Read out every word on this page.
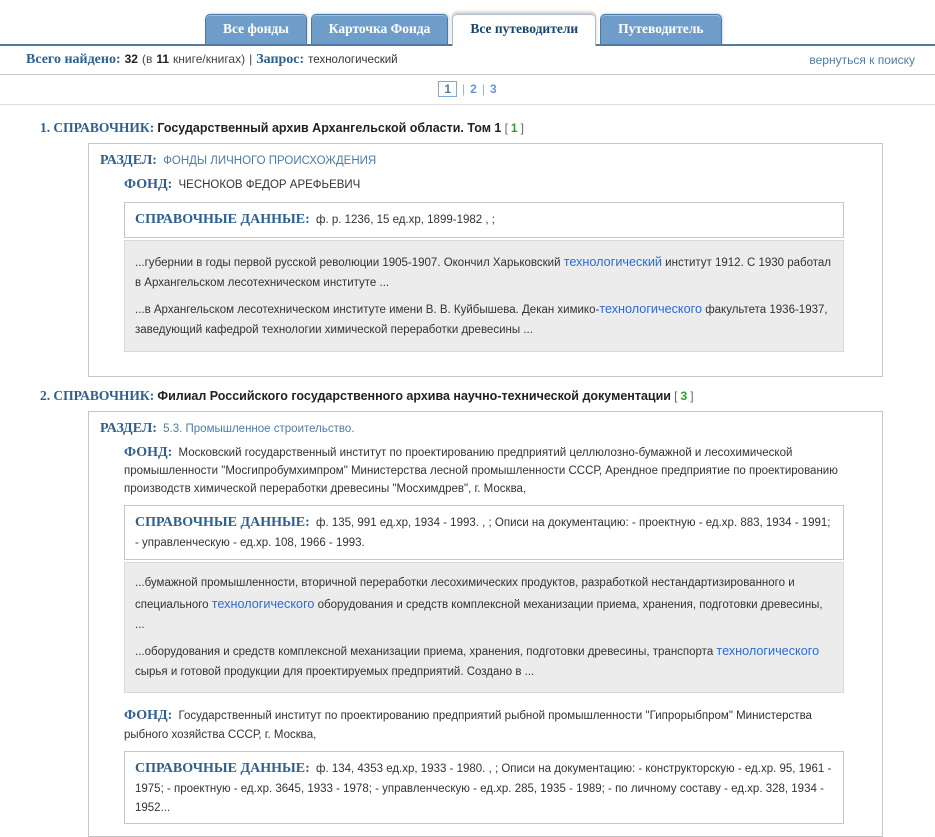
Все фонды	Карточка Фонда	Все путеводители	Путеводитель
Всего найдено: 32 (в 11 книге/книгах) | Запрос: технологический	вернуться к поиску
1 | 2 | 3
1. СПРАВОЧНИК: Государственный архив Архангельской области. Том 1 [ 1 ]
РАЗДЕЛ: ФОНДЫ ЛИЧНОГО ПРОИСХОЖДЕНИЯ
ФОНД: ЧЕСНОКОВ ФЕДОР АРЕФЬЕВИЧ
СПРАВОЧНЫЕ ДАННЫЕ: ф. р. 1236, 15 ед.хр, 1899-1982 , ;

...губернии в годы первой русской революции 1905-1907. Окончил Харьковский технологический институт 1912. С 1930 работал в Архангельском лесотехническом институте ...

...в Архангельском лесотехническом институте имени В. В. Куйбышева. Декан химико-технологического факультета 1936-1937, заведующий кафедрой технологии химической переработки древесины ...

2. СПРАВОЧНИК: Филиал Российского государственного архива научно-технической документации [ 3 ]
РАЗДЕЛ: 5.3. Промышленное строительство.
ФОНД: Московский государственный институт по проектированию предприятий целлюлозно-бумажной и лесохимической промышленности "Мосгипробумхимпром" Министерства лесной промышленности СССР, Арендное предприятие по проектированию производств химической переработки древесины "Мосхимдрев", г. Москва,
СПРАВОЧНЫЕ ДАННЫЕ: ф. 135, 991 ед.хр, 1934 - 1993. , ; Описи на документацию: - проектную - ед.хр. 883, 1934 - 1991; - управленческую - ед.хр. 108, 1966 - 1993.

...бумажной промышленности, вторичной переработки лесохимических продуктов, разработкой нестандартизированного и специального технологического оборудования и средств комплексной механизации приема, хранения, подготовки древесины, ...

...оборудования и средств комплексной механизации приема, хранения, подготовки древесины, транспорта технологического сырья и готовой продукции для проектируемых предприятий. Создано в ...

ФОНД: Государственный институт по проектированию предприятий рыбной промышленности "Гипрорыбпром" Министерства рыбного хозяйства СССР, г. Москва,
СПРАВОЧНЫЕ ДАННЫЕ: ф. 134, 4353 ед.хр, 1933 - 1980. , ; Описи на документацию: - конструкторскую - ед.хр. 95, 1961 - 1975; - проектную - ед.хр. 3645, 1933 - 1978; - управленческую - ед.хр. 285, 1935 - 1989; - по личному составу - ед.хр. 328, 1934 - 1952...
